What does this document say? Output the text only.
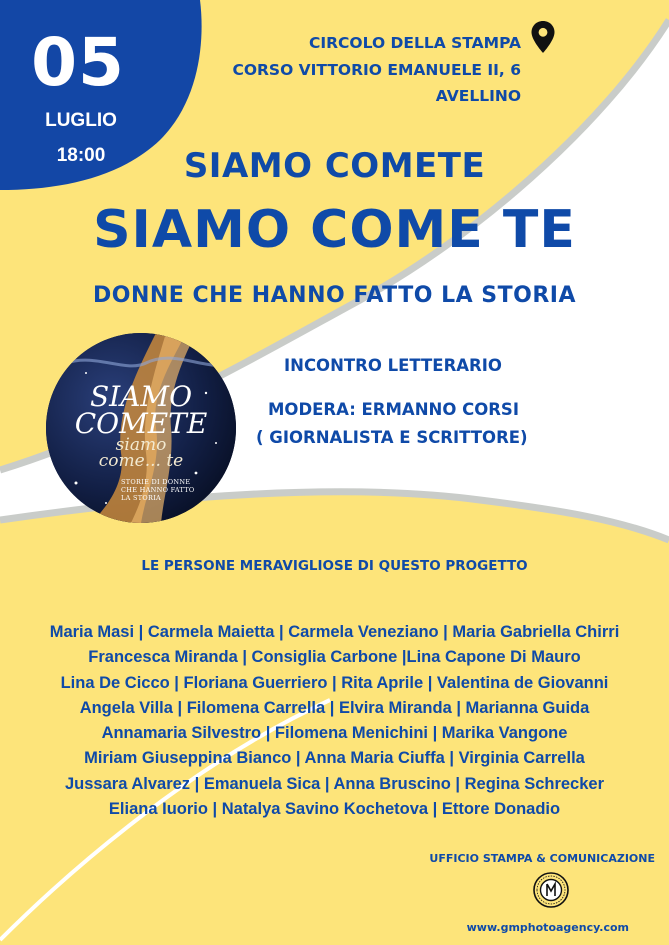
05
LUGLIO
18:00
CIRCOLO DELLA STAMPA
CORSO VITTORIO EMANUELE II, 6
AVELLINO
SIAMO COMETE
SIAMO COME TE
DONNE CHE HANNO FATTO LA STORIA
SIAMO
COMETE
siamo
come... te
STORIE DI DONNE
CHE HANNO FATTO
LA STORIA
INCONTRO LETTERARIO
MODERA: ERMANNO CORSI
( GIORNALISTA E SCRITTORE)
LE PERSONE MERAVIGLIOSE DI QUESTO PROGETTO
Maria Masi | Carmela Maietta | Carmela Veneziano | Maria Gabriella Chirri
Francesca Miranda | Consiglia Carbone |Lina Capone Di Mauro
Lina De Cicco | Floriana Guerriero | Rita Aprile | Valentina de Giovanni
Angela Villa | Filomena Carrella | Elvira Miranda | Marianna Guida
Annamaria Silvestro | Filomena Menichini | Marika Vangone
Miriam Giuseppina Bianco | Anna Maria Ciuffa | Virginia Carrella
Jussara Alvarez | Emanuela Sica | Anna Bruscino | Regina Schrecker
Eliana Iuorio | Natalya Savino Kochetova | Ettore Donadio
UFFICIO STAMPA & COMUNICAZIONE
www.gmphotoagency.com
